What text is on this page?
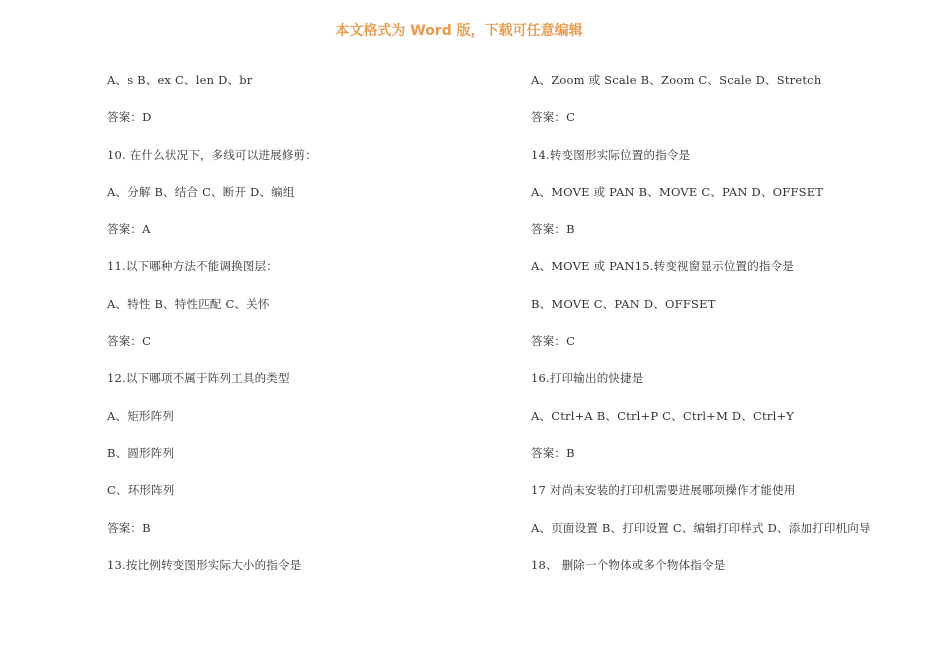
本文格式为 Word 版，下载可任意编辑
A、s B、ex C、len D、br
答案：D
10. 在什么状况下，多线可以进展修剪：
A、分解 B、结合 C、断开 D、编组
答案：A
11.以下哪种方法不能调换图层：
A、特性 B、特性匹配 C、关怀
答案：C
12.以下哪项不属于阵列工具的类型
A、矩形阵列
B、圆形阵列
C、环形阵列
答案：B
13.按比例转变图形实际大小的指令是
A、Zoom 或 Scale B、Zoom C、Scale D、Stretch
答案：C
14.转变图形实际位置的指令是
A、MOVE 或 PAN B、MOVE C、PAN D、OFFSET
答案：B
A、MOVE 或 PAN15.转变视窗显示位置的指令是
B、MOVE C、PAN D、OFFSET
答案：C
16.打印输出的快捷是
A、Ctrl+A B、Ctrl+P C、Ctrl+M D、Ctrl+Y
答案：B
17 对尚未安装的打印机需要进展哪项操作才能使用
A、页面设置 B、打印设置 C、编辑打印样式 D、添加打印机向导
18、 删除一个物体或多个物体指令是
